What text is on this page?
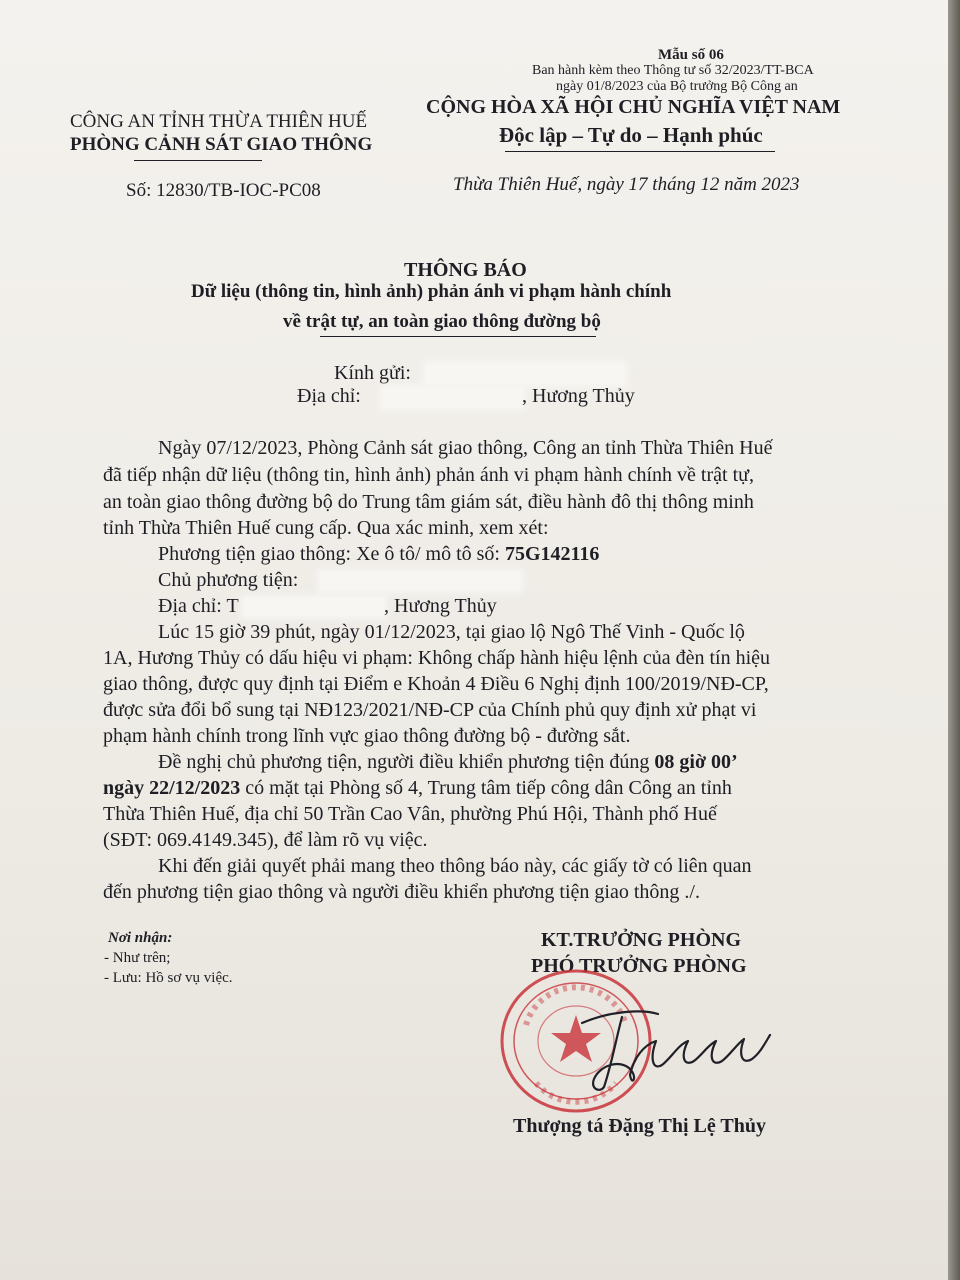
Mẫu số 06
Ban hành kèm theo Thông tư số 32/2023/TT-BCA
ngày 01/8/2023 của Bộ trưởng Bộ Công an
CÔNG AN TỈNH THỪA THIÊN HUẾ
PHÒNG CẢNH SÁT GIAO THÔNG
Số: 12830/TB-IOC-PC08
CỘNG HÒA XÃ HỘI CHỦ NGHĨA VIỆT NAM
Độc lập – Tự do – Hạnh phúc
Thừa Thiên Huế, ngày 17 tháng 12 năm 2023
THÔNG BÁO
Dữ liệu (thông tin, hình ảnh) phản ánh vi phạm hành chính
về trật tự, an toàn giao thông đường bộ
Kính gửi:
Địa chỉ:	, Hương Thủy
Ngày 07/12/2023, Phòng Cảnh sát giao thông, Công an tỉnh Thừa Thiên Huế
đã tiếp nhận dữ liệu (thông tin, hình ảnh) phản ánh vi phạm hành chính về trật tự,
an toàn giao thông đường bộ do Trung tâm giám sát, điều hành đô thị thông minh
tỉnh Thừa Thiên Huế cung cấp. Qua xác minh, xem xét:
Phương tiện giao thông: Xe ô tô/ mô tô số: 75G142116
Chủ phương tiện:
Địa chỉ: T	, Hương Thủy
Lúc 15 giờ 39 phút, ngày 01/12/2023, tại giao lộ Ngô Thế Vinh - Quốc lộ
1A, Hương Thủy có dấu hiệu vi phạm: Không chấp hành hiệu lệnh của đèn tín hiệu
giao thông, được quy định tại Điểm e Khoản 4 Điều 6 Nghị định 100/2019/NĐ-CP,
được sửa đổi bổ sung tại NĐ123/2021/NĐ-CP của Chính phủ quy định xử phạt vi
phạm hành chính trong lĩnh vực giao thông đường bộ - đường sắt.
Đề nghị chủ phương tiện, người điều khiển phương tiện đúng 08 giờ 00’
ngày 22/12/2023 có mặt tại Phòng số 4, Trung tâm tiếp công dân Công an tỉnh
Thừa Thiên Huế, địa chỉ 50 Trần Cao Vân, phường Phú Hội, Thành phố Huế
(SĐT: 069.4149.345), để làm rõ vụ việc.
Khi đến giải quyết phải mang theo thông báo này, các giấy tờ có liên quan
đến phương tiện giao thông và người điều khiển phương tiện giao thông ./.
Nơi nhận:
- Như trên;
- Lưu: Hồ sơ vụ việc.
KT.TRƯỞNG PHÒNG
PHÓ TRƯỞNG PHÒNG
Thượng tá Đặng Thị Lệ Thủy
